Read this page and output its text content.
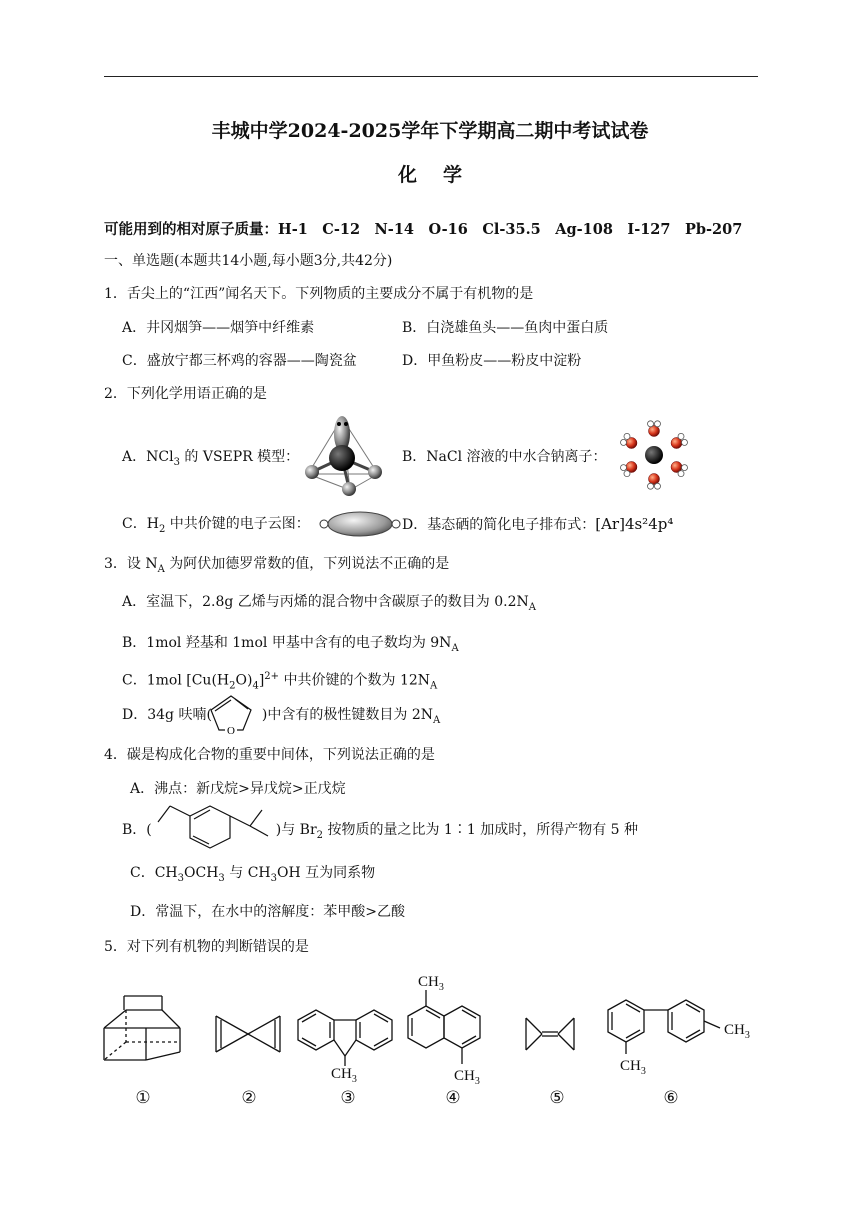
丰城中学2024-2025学年下学期高二期中考试试卷
化学
可能用到的相对原子质量：H-1　C-12　N-14　O-16　Cl-35.5　Ag-108　I-127　Pb-207
一、单选题(本题共14小题,每小题3分,共42分)
1．舌尖上的“江西”闻名天下。下列物质的主要成分不属于有机物的是
A．井冈烟笋——烟笋中纤维素	B．白浇雄鱼头——鱼肉中蛋白质
C．盛放宁都三杯鸡的容器——陶瓷盆	D．甲鱼粉皮——粉皮中淀粉
2．下列化学用语正确的是
A．NCl$_3$ 的 VSEPR 模型：	B．NaCl 溶液的中水合钠离子：
C．$H_2$ 中共价键的电子云图：	D．基态硒的简化电子排布式：[Ar]4s²4p⁴
3．设 $N_A$ 为阿伏加德罗常数的值，下列说法不正确的是
A．室温下，2.8g 乙烯与丙烯的混合物中含碳原子的数目为 $0.2N_A$
B．1mol 羟基和 1mol 甲基中含有的电子数均为 $9N_A$
C．1mol $[Cu(H_2O)_4]^{2+}$ 中共价键的个数为 $12N_A$
D．34g 呋喃(	)中含有的极性键数目为 $2N_A$
O
4．碳是构成化合物的重要中间体，下列说法正确的是
A．沸点：新戊烷>异戊烷>正戊烷
B．(	)与 $Br_2$ 按物质的量之比为 1∶1 加成时，所得产物有 5 种
C．$CH_3OCH_3$ 与 $CH_3OH$ 互为同系物
D．常温下，在水中的溶解度：苯甲酸>乙酸
5．对下列有机物的判断错误的是
$CH_3$
$CH_3$
$CH_3$
$CH_3$
$CH_3$
①	②	③	④	⑤	⑥
